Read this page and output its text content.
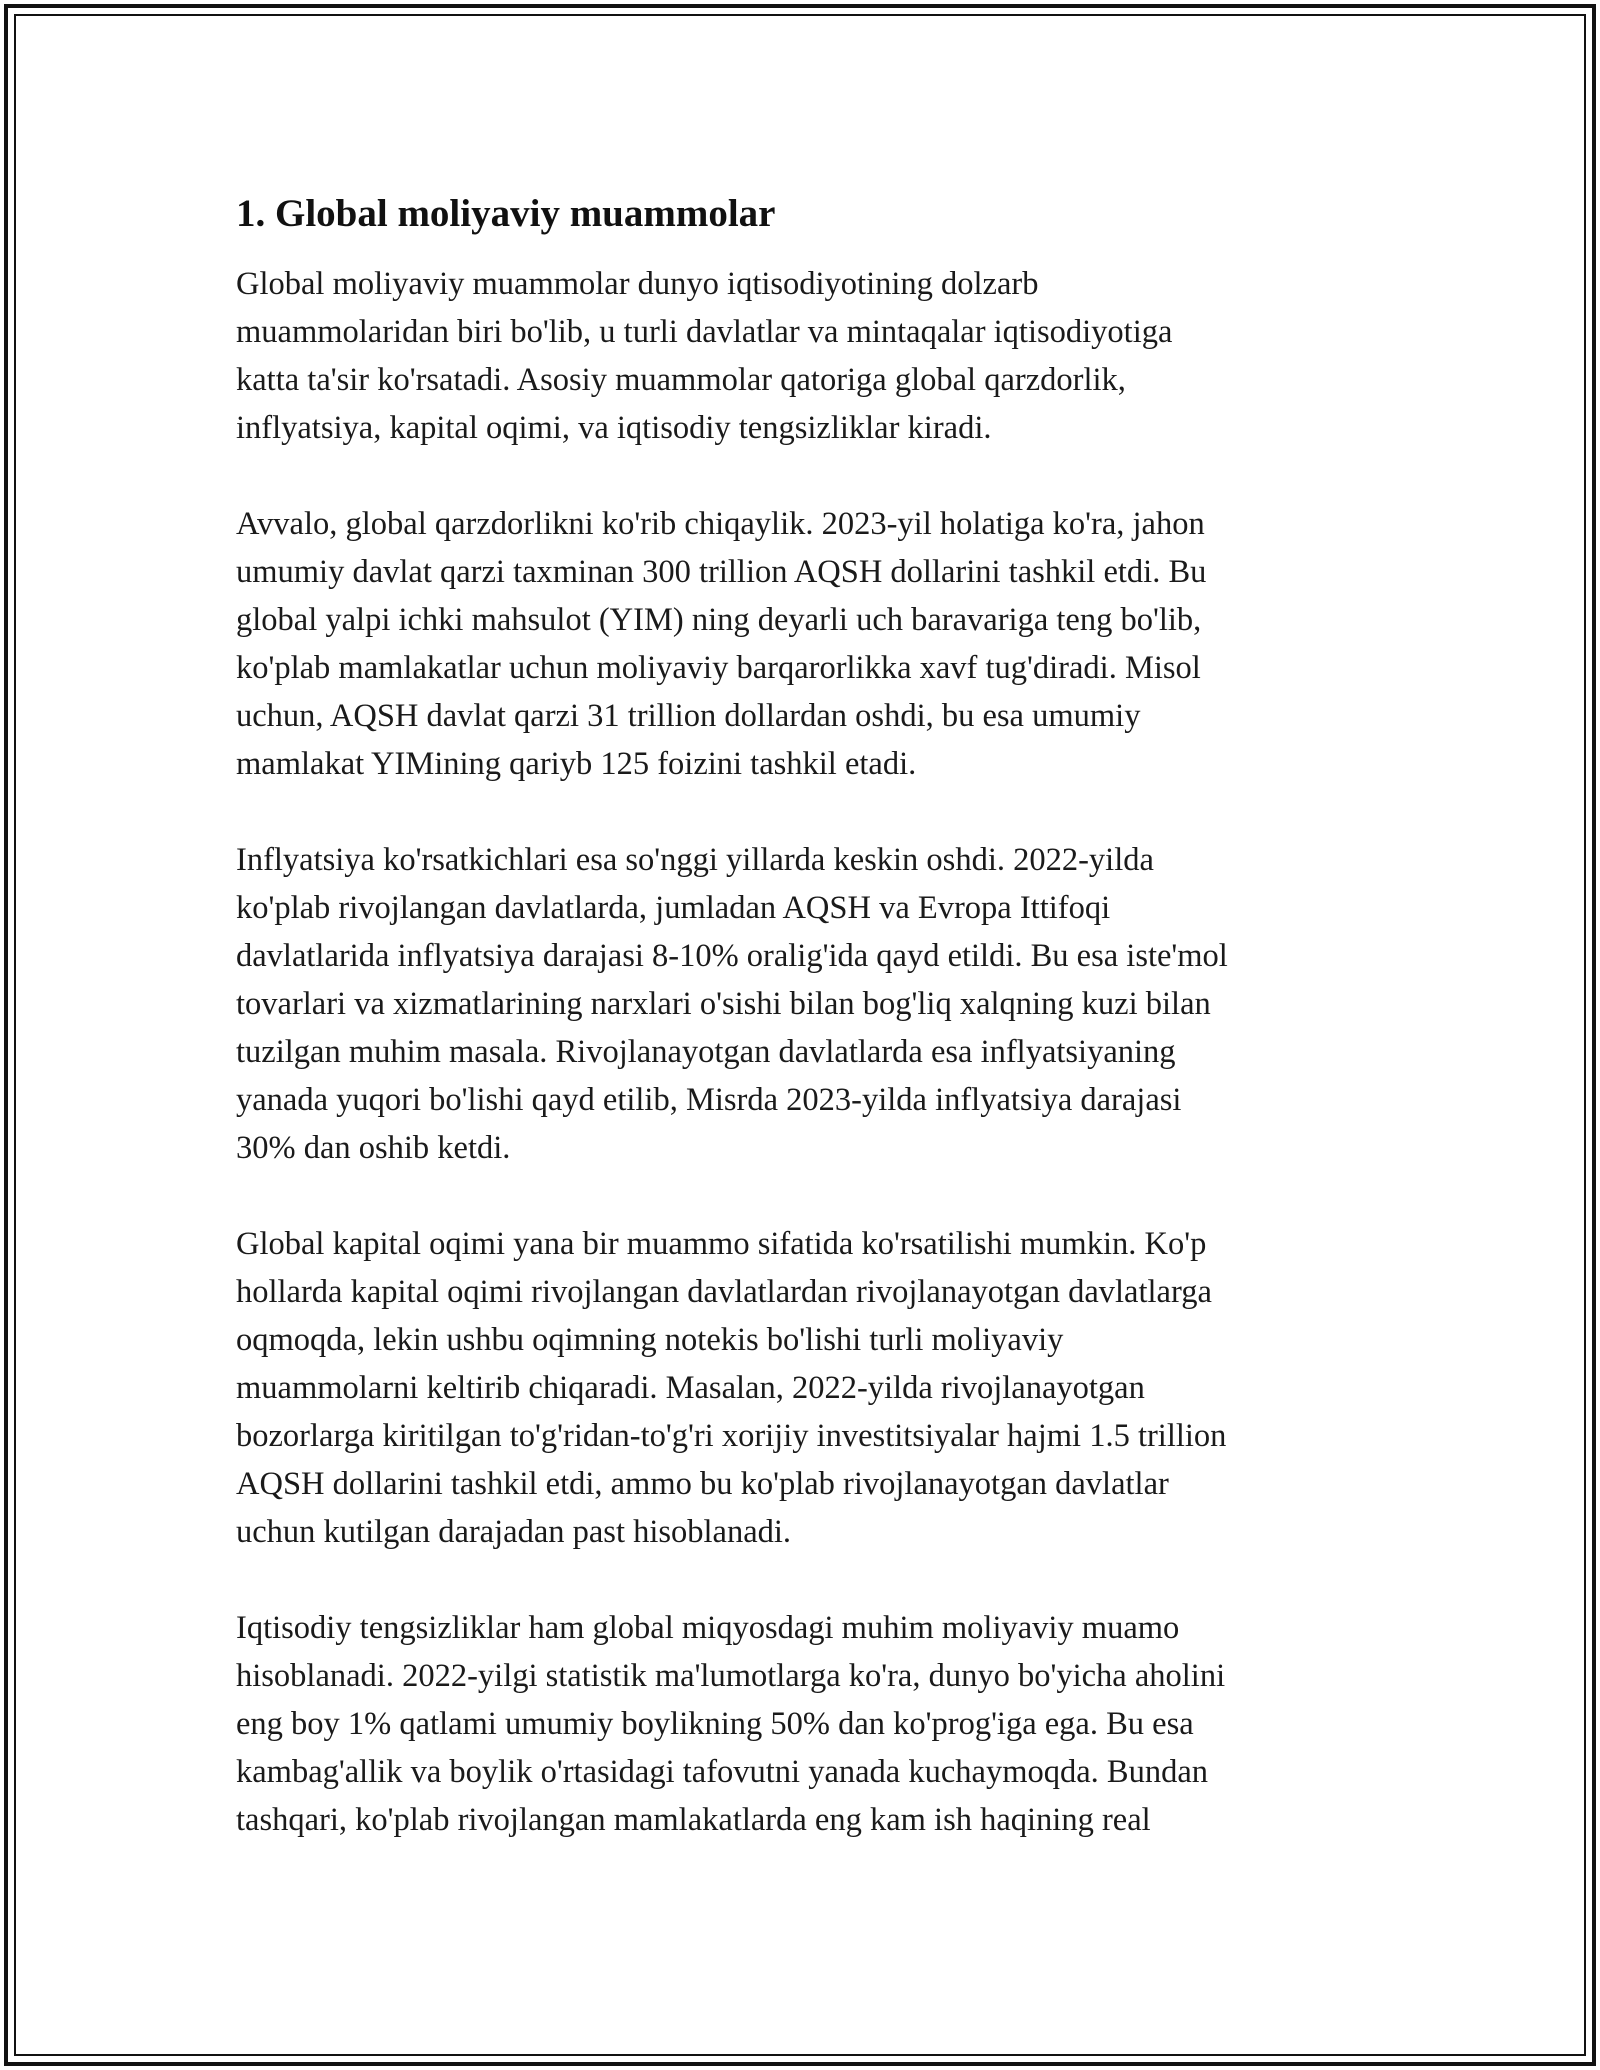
1. Global moliyaviy muammolar

Global moliyaviy muammolar dunyo iqtisodiyotining dolzarb
muammolaridan biri bo'lib, u turli davlatlar va mintaqalar iqtisodiyotiga
katta ta'sir ko'rsatadi. Asosiy muammolar qatoriga global qarzdorlik,
inflyatsiya, kapital oqimi, va iqtisodiy tengsizliklar kiradi.

Avvalo, global qarzdorlikni ko'rib chiqaylik. 2023-yil holatiga ko'ra, jahon
umumiy davlat qarzi taxminan 300 trillion AQSH dollarini tashkil etdi. Bu
global yalpi ichki mahsulot (YIM) ning deyarli uch baravariga teng bo'lib,
ko'plab mamlakatlar uchun moliyaviy barqarorlikka xavf tug'diradi. Misol
uchun, AQSH davlat qarzi 31 trillion dollardan oshdi, bu esa umumiy
mamlakat YIMining qariyb 125 foizini tashkil etadi.

Inflyatsiya ko'rsatkichlari esa so'nggi yillarda keskin oshdi. 2022-yilda
ko'plab rivojlangan davlatlarda, jumladan AQSH va Evropa Ittifoqi
davlatlarida inflyatsiya darajasi 8-10% oralig'ida qayd etildi. Bu esa iste'mol
tovarlari va xizmatlarining narxlari o'sishi bilan bog'liq xalqning kuzi bilan
tuzilgan muhim masala. Rivojlanayotgan davlatlarda esa inflyatsiyaning
yanada yuqori bo'lishi qayd etilib, Misrda 2023-yilda inflyatsiya darajasi
30% dan oshib ketdi.

Global kapital oqimi yana bir muammo sifatida ko'rsatilishi mumkin. Ko'p
hollarda kapital oqimi rivojlangan davlatlardan rivojlanayotgan davlatlarga
oqmoqda, lekin ushbu oqimning notekis bo'lishi turli moliyaviy
muammolarni keltirib chiqaradi. Masalan, 2022-yilda rivojlanayotgan
bozorlarga kiritilgan to'g'ridan-to'g'ri xorijiy investitsiyalar hajmi 1.5 trillion
AQSH dollarini tashkil etdi, ammo bu ko'plab rivojlanayotgan davlatlar
uchun kutilgan darajadan past hisoblanadi.

Iqtisodiy tengsizliklar ham global miqyosdagi muhim moliyaviy muamo
hisoblanadi. 2022-yilgi statistik ma'lumotlarga ko'ra, dunyo bo'yicha aholini
eng boy 1% qatlami umumiy boylikning 50% dan ko'prog'iga ega. Bu esa
kambag'allik va boylik o'rtasidagi tafovutni yanada kuchaymoqda. Bundan
tashqari, ko'plab rivojlangan mamlakatlarda eng kam ish haqining real
